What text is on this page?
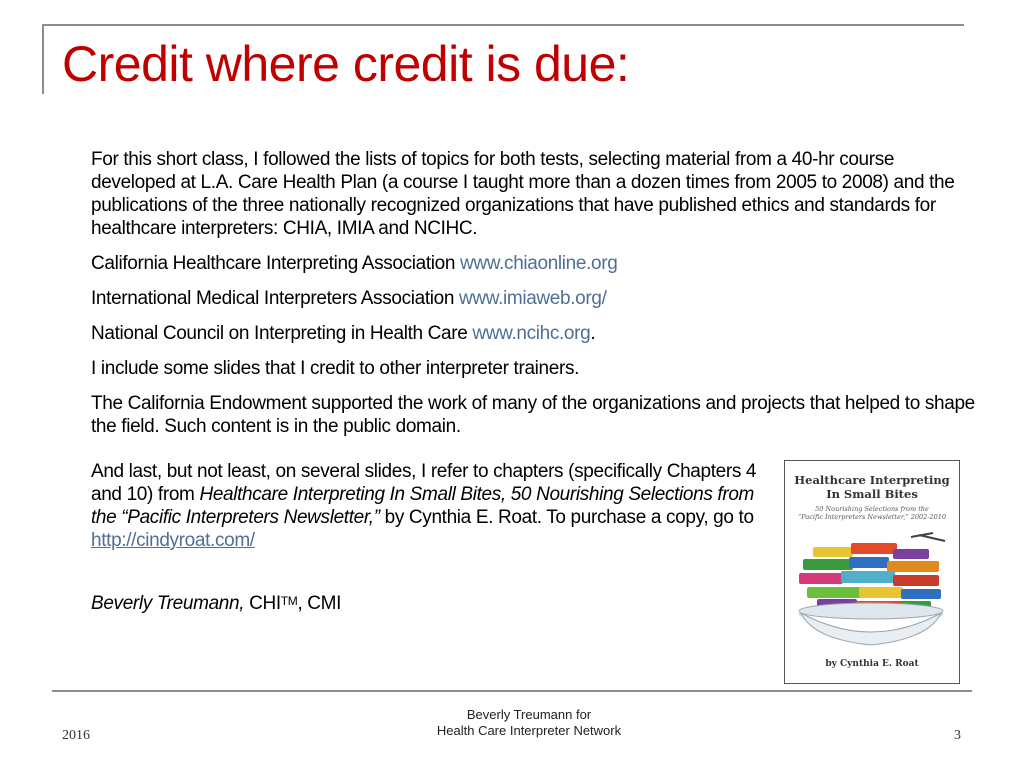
Credit where credit is due:

For this short class, I followed the lists of topics for both tests, selecting material from a 40-hr course developed at L.A. Care Health Plan (a course I taught more than a dozen times from 2005 to 2008) and the publications of the three nationally recognized organizations that have published ethics and standards for healthcare interpreters: CHIA, IMIA and NCIHC.

California Healthcare Interpreting Association www.chiaonline.org

International Medical Interpreters Association www.imiaweb.org/

National Council on Interpreting in Health Care www.ncihc.org.

I include some slides that I credit to other interpreter trainers.

The California Endowment supported the work of many of the organizations and projects that helped to shape the field. Such content is in the public domain.

And last, but not least, on several slides, I refer to chapters (specifically Chapters 4 and 10) from Healthcare Interpreting In Small Bites, 50 Nourishing Selections from the “Pacific Interpreters Newsletter,” by Cynthia E. Roat. To purchase a copy, go to
http://cindyroat.com/

Beverly Treumann, CHI™, CMI

Healthcare Interpreting
In Small Bites
50 Nourishing Selections from the
“Pacific Interpreters Newsletter,” 2002-2010
by Cynthia E. Roat
2016
Beverly Treumann for
Health Care Interpreter Network	3
